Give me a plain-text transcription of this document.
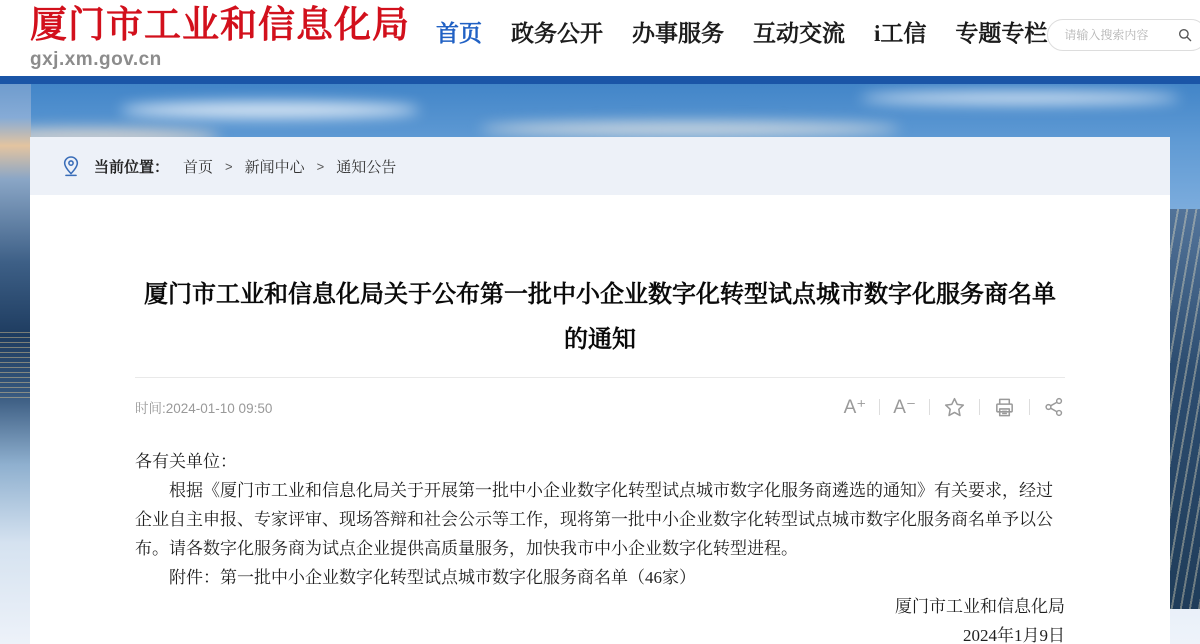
厦门市工业和信息化局
gxj.xm.gov.cn
首页 政务公开 办事服务 互动交流 i工信 专题专栏
请输入搜索内容
当前位置： 首页 > 新闻中心 > 通知公告
厦门市工业和信息化局关于公布第一批中小企业数字化转型试点城市数字化服务商名单的通知
时间:2024-01-10 09:50	A⁺ A⁻

各有关单位：

根据《厦门市工业和信息化局关于开展第一批中小企业数字化转型试点城市数字化服务商遴选的通知》有关要求，经过企业自主申报、专家评审、现场答辩和社会公示等工作，现将第一批中小企业数字化转型试点城市数字化服务商名单予以公布。请各数字化服务商为试点企业提供高质量服务，加快我市中小企业数字化转型进程。

附件：第一批中小企业数字化转型试点城市数字化服务商名单（46家）

厦门市工业和信息化局

2024年1月9日
